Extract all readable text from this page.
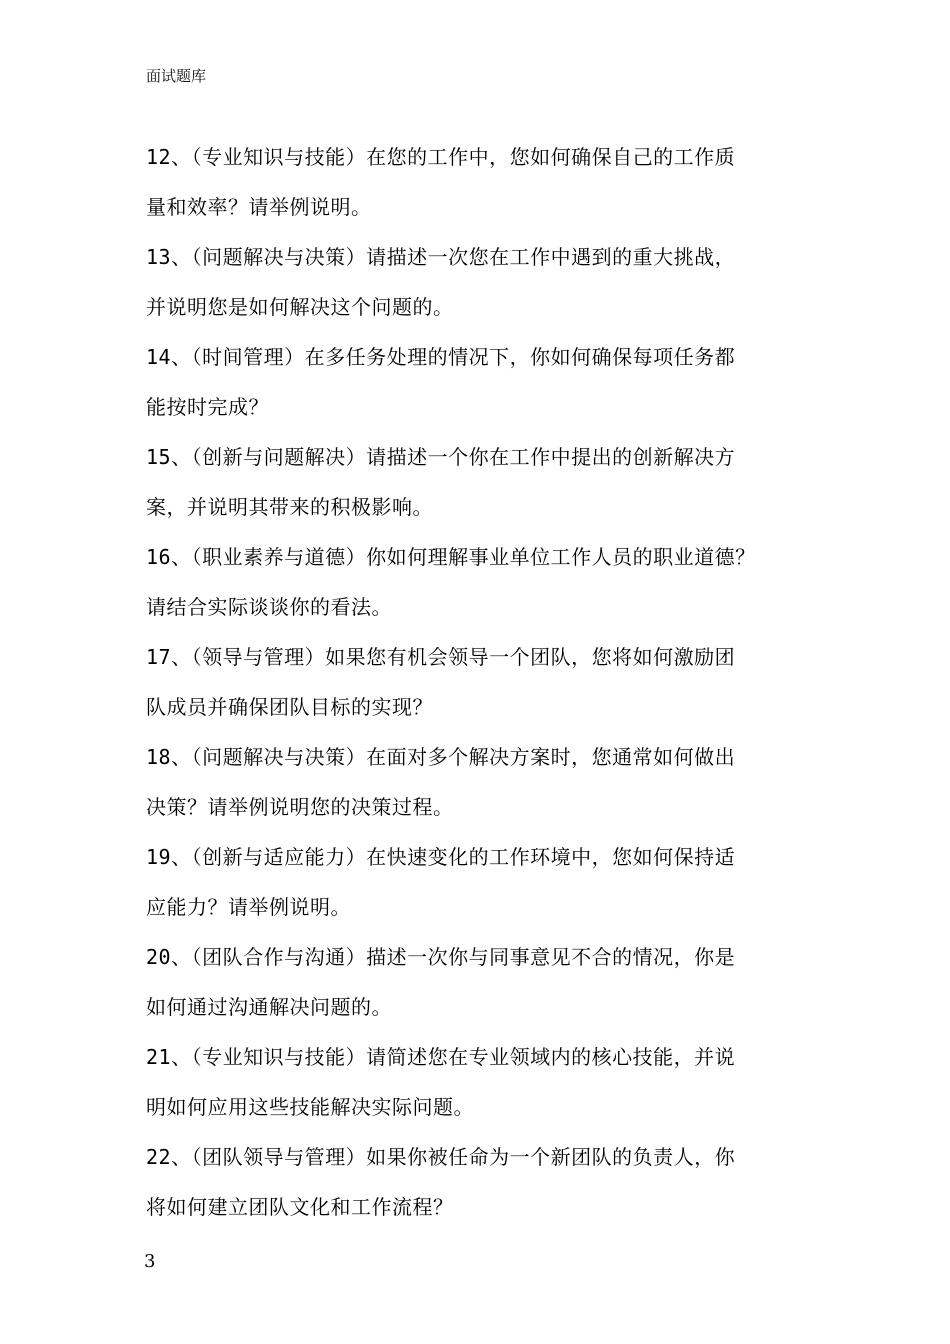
面试题库
12、（专业知识与技能）在您的工作中，您如何确保自己的工作质
量和效率？请举例说明。
13、（问题解决与决策）请描述一次您在工作中遇到的重大挑战，
并说明您是如何解决这个问题的。
14、（时间管理）在多任务处理的情况下，你如何确保每项任务都
能按时完成？
15、（创新与问题解决）请描述一个你在工作中提出的创新解决方
案，并说明其带来的积极影响。
16、（职业素养与道德）你如何理解事业单位工作人员的职业道德？
请结合实际谈谈你的看法。
17、（领导与管理）如果您有机会领导一个团队，您将如何激励团
队成员并确保团队目标的实现？
18、（问题解决与决策）在面对多个解决方案时，您通常如何做出
决策？请举例说明您的决策过程。
19、（创新与适应能力）在快速变化的工作环境中，您如何保持适
应能力？请举例说明。
20、（团队合作与沟通）描述一次你与同事意见不合的情况，你是
如何通过沟通解决问题的。
21、（专业知识与技能）请简述您在专业领域内的核心技能，并说
明如何应用这些技能解决实际问题。
22、（团队领导与管理）如果你被任命为一个新团队的负责人，你
将如何建立团队文化和工作流程？
3
